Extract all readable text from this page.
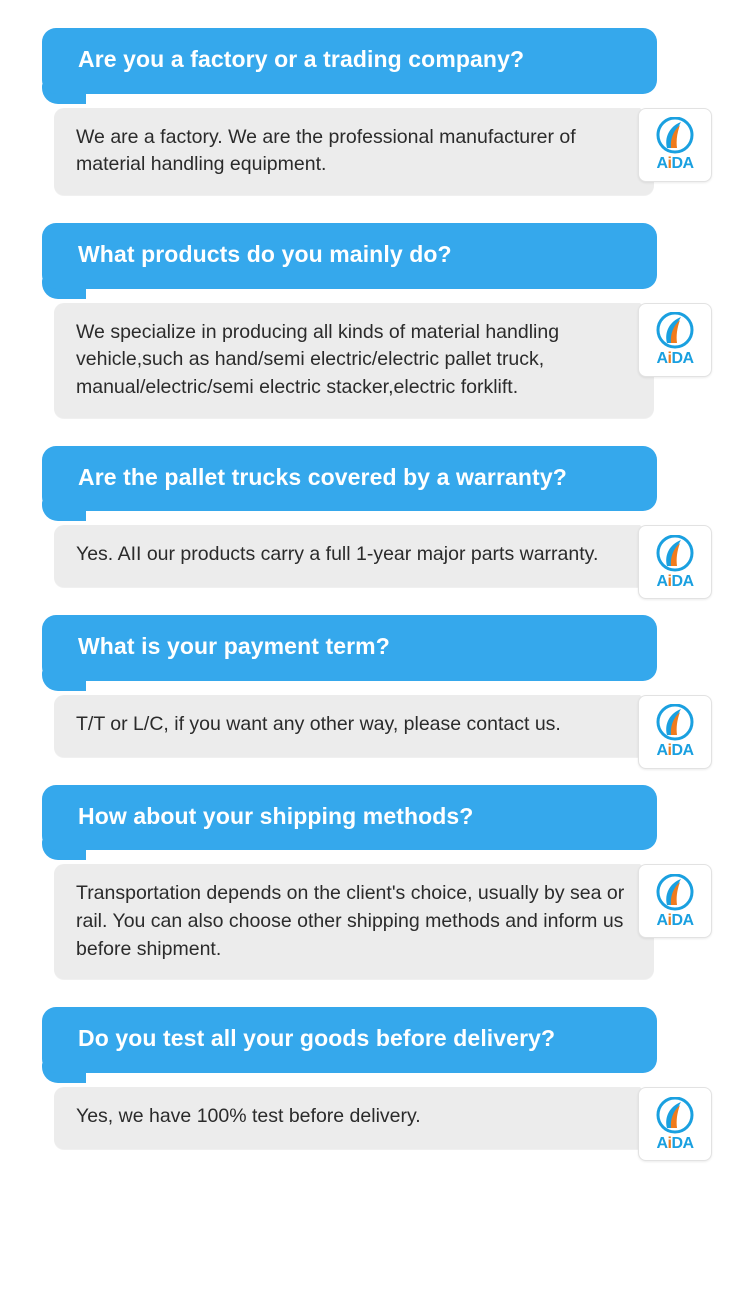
Are you a factory or a trading company?
We are a factory. We are the professional manufacturer of material handling equipment.	AiDA
What products do you mainly do?
We specialize in producing all kinds of material handling vehicle,such as hand/semi electric/electric pallet truck, manual/electric/semi electric stacker,electric forklift.
AiDA
Are the pallet trucks covered by a warranty?
Yes. AII our products carry a full 1-year major parts warranty.
AiDA
What is your payment term?
T/T or L/C, if you want any other way, please contact us.
AiDA
How about your shipping methods?
Transportation depends on the client's choice, usually by sea or rail. You can also choose other shipping methods and inform us before shipment.
AiDA
Do you test all your goods before delivery?
Yes, we have 100% test before delivery.
AiDA
